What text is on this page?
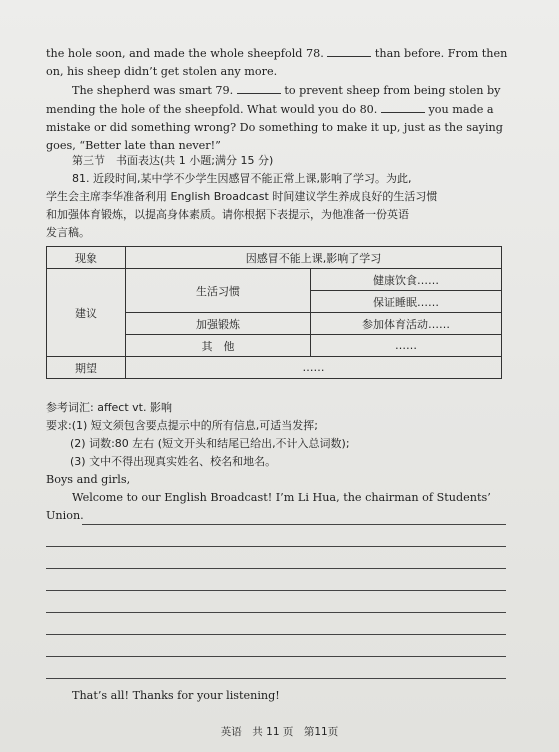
the hole soon, and made the whole sheepfold 78.	than before. From then
on, his sheep didn’t get stolen any more.
The shepherd was smart 79.	to prevent sheep from being stolen by
mending the hole of the sheepfold. What would you do 80.	you made a
mistake or did something wrong? Do something to make it up, just as the saying
goes, “Better late than never!”
第三节　书面表达(共 1 小题;满分 15 分)
81. 近段时间,某中学不少学生因感冒不能正常上课,影响了学习。为此,
学生会主席李华准备利用 English Broadcast 时间建议学生养成良好的生活习惯
和加强体育锻炼，以提高身体素质。请你根据下表提示，为他准备一份英语
发言稿。
现象	因感冒不能上课,影响了学习	
建议	生活习惯	健康饮食……
		保证睡眠……
	加强锻炼	参加体育活动……
	其　他	……
期望	……	
参考词汇: affect vt. 影响
要求:(1) 短文须包含要点提示中的所有信息,可适当发挥;
(2) 词数:80 左右 (短文开头和结尾已给出,不计入总词数);
(3) 文中不得出现真实姓名、校名和地名。
Boys and girls,
Welcome to our English Broadcast! I’m Li Hua, the chairman of Students’
Union.
That’s all! Thanks for your listening!
英语　共 11 页　第11页
